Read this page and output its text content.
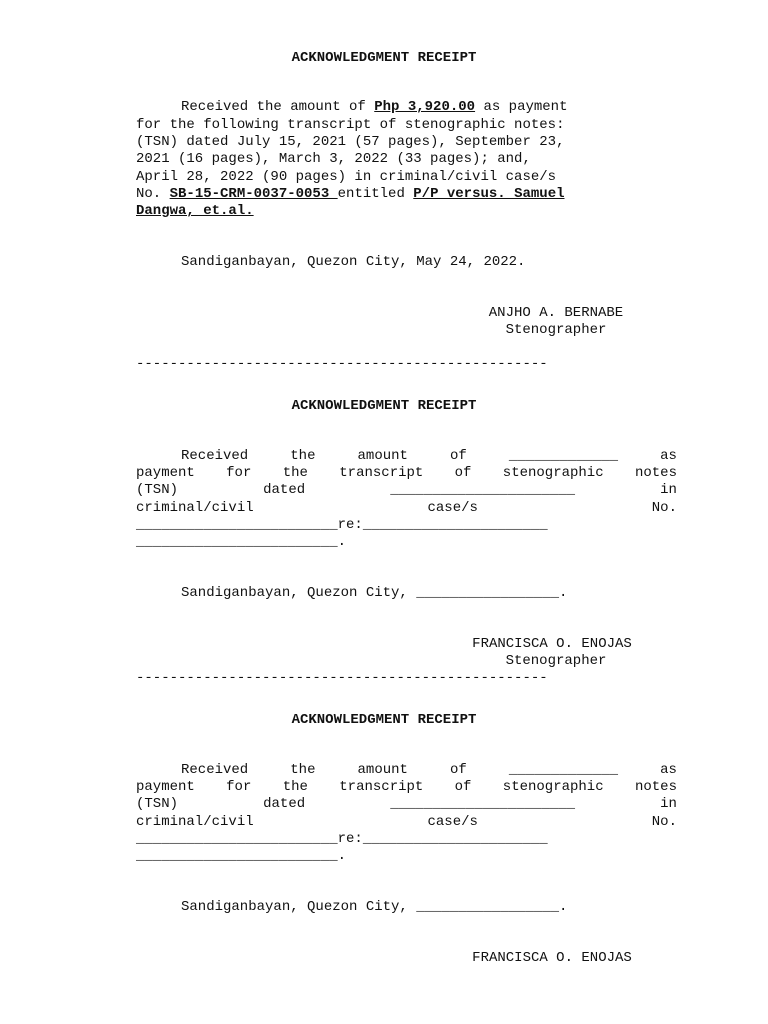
ACKNOWLEDGMENT RECEIPT
Received the amount of Php 3,920.00 as payment
for the following transcript of stenographic notes:
(TSN) dated July 15, 2021 (57 pages), September 23,
2021 (16 pages), March 3, 2022 (33 pages); and,
April 28, 2022 (90 pages) in criminal/civil case/s
No. SB-15-CRM-0037-0053 entitled P/P versus. Samuel
Dangwa, et.al.
Sandiganbayan, Quezon City, May 24, 2022.
ANJHO A. BERNABE
Stenographer
-------------------------------------------------
ACKNOWLEDGMENT RECEIPT
Received	the	amount	of	_____________	as
payment for the transcript of stenographic notes
(TSN)	dated	______________________	in
criminal/civil	case/s	No.
________________________re:______________________
________________________.
Sandiganbayan, Quezon City, _________________.
FRANCISCA O. ENOJAS
Stenographer
-------------------------------------------------
ACKNOWLEDGMENT RECEIPT
Received	the	amount	of	_____________	as
payment for the transcript of stenographic notes
(TSN)	dated	______________________	in
criminal/civil	case/s	No.
________________________re:______________________
________________________.
Sandiganbayan, Quezon City, _________________.
FRANCISCA O. ENOJAS
